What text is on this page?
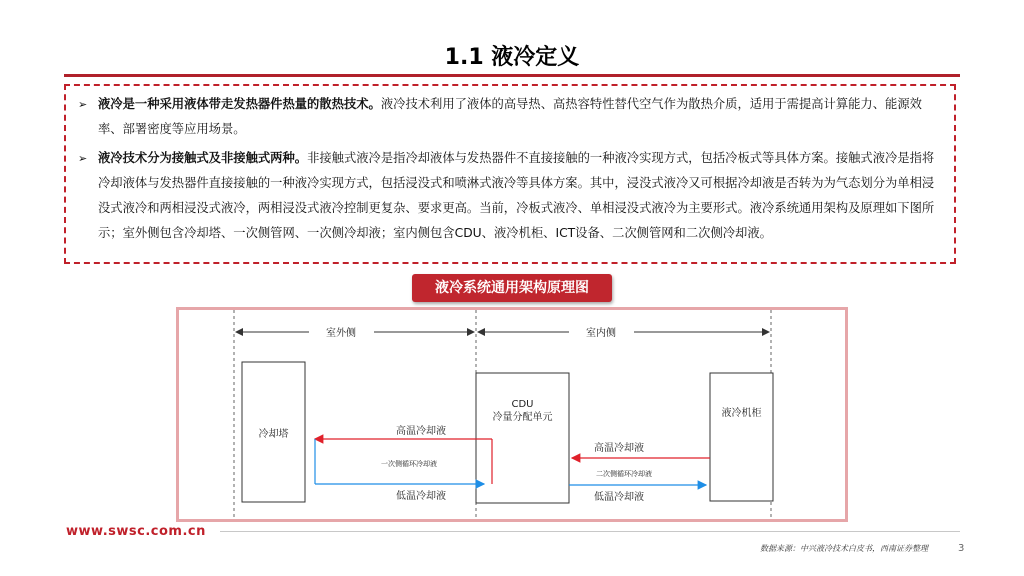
1.1 液冷定义
➢ 液冷是一种采用液体带走发热器件热量的散热技术。液冷技术利用了液体的高导热、高热容特性替代空气作为散热介质，适用于需提高计算能力、能源效率、部署密度等应用场景。
➢ 液冷技术分为接触式及非接触式两种。非接触式液冷是指冷却液体与发热器件不直接接触的一种液冷实现方式，包括冷板式等具体方案。接触式液冷是指将冷却液体与发热器件直接接触的一种液冷实现方式，包括浸没式和喷淋式液冷等具体方案。其中，浸没式液冷又可根据冷却液是否转为为气态划分为单相浸没式液冷和两相浸没式液冷，两相浸没式液冷控制更复杂、要求更高。当前，冷板式液冷、单相浸没式液冷为主要形式。液冷系统通用架构及原理如下图所示；室外侧包含冷却塔、一次侧管网、一次侧冷却液；室内侧包含CDU、液冷机柜、ICT设备、二次侧管网和二次侧冷却液。
液冷系统通用架构原理图
室外侧	室内侧
冷却塔
CDU
冷量分配单元	液冷机柜
高温冷却液
一次侧循环冷却液
低温冷却液
高温冷却液
二次侧循环冷却液
低温冷却液
www.swsc.com.cn
数据来源：中兴液冷技术白皮书，西南证券整理	3
